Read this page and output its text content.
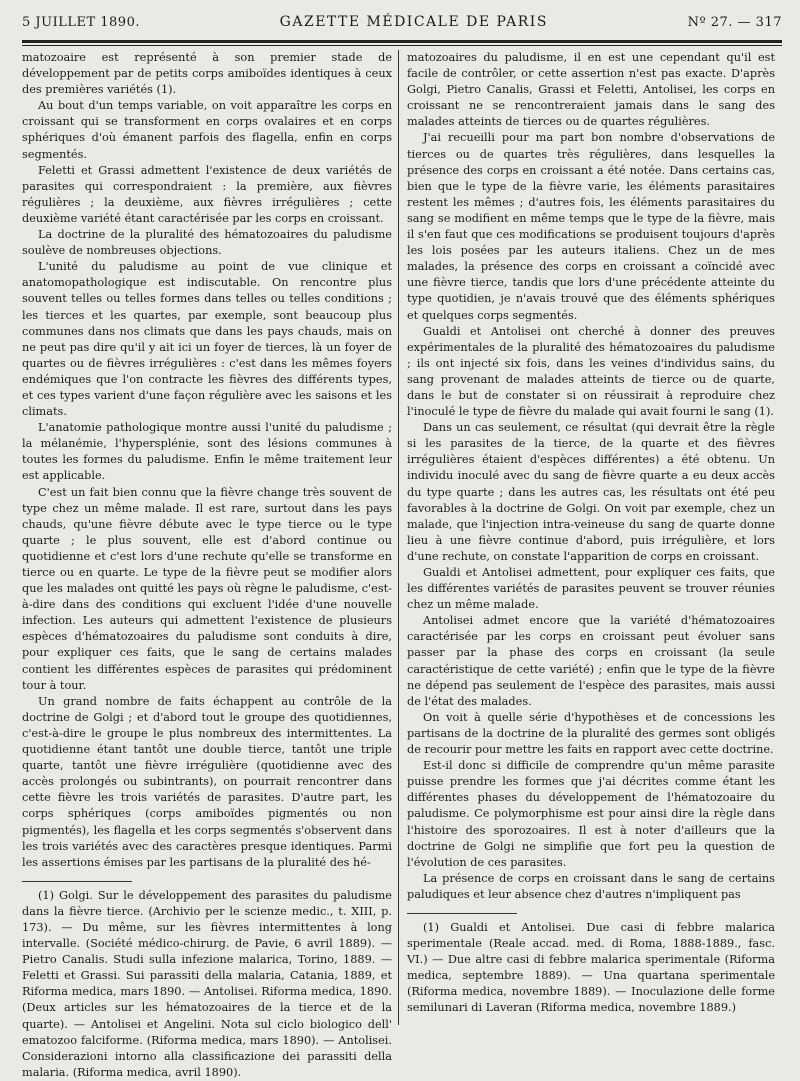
5 JUILLET 1890.	GAZETTE MÉDICALE DE PARIS	Nº 27. — 317

matozoaire est représenté à son premier stade de développement par de petits corps amiboïdes identiques à ceux des premières variétés (1).

Au bout d'un temps variable, on voit apparaître les corps en croissant qui se transforment en corps ovalaires et en corps sphériques d'où émanent parfois des flagella, enfin en corps segmentés.

Feletti et Grassi admettent l'existence de deux variétés de parasites qui correspondraient : la première, aux fièvres régulières ; la deuxième, aux fièvres irrégulières ; cette deuxième variété étant caractérisée par les corps en croissant.

La doctrine de la pluralité des hématozoaires du paludisme soulève de nombreuses objections.

L'unité du paludisme au point de vue clinique et anatomopathologique est indiscutable. On rencontre plus souvent telles ou telles formes dans telles ou telles conditions ; les tierces et les quartes, par exemple, sont beaucoup plus communes dans nos climats que dans les pays chauds, mais on ne peut pas dire qu'il y ait ici un foyer de tierces, là un foyer de quartes ou de fièvres irrégulières : c'est dans les mêmes foyers endémiques que l'on contracte les fièvres des différents types, et ces types varient d'une façon régulière avec les saisons et les climats.

L'anatomie pathologique montre aussi l'unité du paludisme ; la mélanémie, l'hypersplénie, sont des lésions communes à toutes les formes du paludisme. Enfin le même traitement leur est applicable.

C'est un fait bien connu que la fièvre change très souvent de type chez un même malade. Il est rare, surtout dans les pays chauds, qu'une fièvre débute avec le type tierce ou le type quarte ; le plus souvent, elle est d'abord continue ou quotidienne et c'est lors d'une rechute qu'elle se transforme en tierce ou en quarte. Le type de la fièvre peut se modifier alors que les malades ont quitté les pays où règne le paludisme, c'est-à-dire dans des conditions qui excluent l'idée d'une nouvelle infection. Les auteurs qui admettent l'existence de plusieurs espèces d'hématozoaires du paludisme sont conduits à dire, pour expliquer ces faits, que le sang de certains malades contient les différentes espèces de parasites qui prédominent tour à tour.

Un grand nombre de faits échappent au contrôle de la doctrine de Golgi ; et d'abord tout le groupe des quotidiennes, c'est-à-dire le groupe le plus nombreux des intermittentes. La quotidienne étant tantôt une double tierce, tantôt une triple quarte, tantôt une fièvre irrégulière (quotidienne avec des accès prolongés ou subintrants), on pourrait rencontrer dans cette fièvre les trois variétés de parasites. D'autre part, les corps sphériques (corps amiboïdes pigmentés ou non pigmentés), les flagella et les corps segmentés s'observent dans les trois variétés avec des caractères presque identiques. Parmi les assertions émises par les partisans de la pluralité des hé-

(1) Golgi. Sur le développement des parasites du paludisme dans la fièvre tierce. (Archivio per le scienze medic., t. XIII, p. 173). — Du même, sur les fièvres intermittentes à long intervalle. (Société médico-chirurg. de Pavie, 6 avril 1889). — Pietro Canalis. Studi sulla infezione malarica, Torino, 1889. — Feletti et Grassi. Sui parassiti della malaria, Catania, 1889, et Riforma medica, mars 1890. — Antolisei. Riforma medica, 1890. (Deux articles sur les hématozoaires de la tierce et de la quarte). — Antolisei et Angelini. Nota sul ciclo biologico dell' ematozoo falciforme. (Riforma medica, mars 1890). — Antolisei. Considerazioni intorno alla classificazione dei parassiti della malaria. (Riforma medica, avril 1890).

matozoaires du paludisme, il en est une cependant qu'il est facile de contrôler, or cette assertion n'est pas exacte. D'après Golgi, Pietro Canalis, Grassi et Feletti, Antolisei, les corps en croissant ne se rencontreraient jamais dans le sang des malades atteints de tierces ou de quartes régulières.

J'ai recueilli pour ma part bon nombre d'observations de tierces ou de quartes très régulières, dans lesquelles la présence des corps en croissant a été notée. Dans certains cas, bien que le type de la fièvre varie, les éléments parasitaires restent les mêmes ; d'autres fois, les éléments parasitaires du sang se modifient en même temps que le type de la fièvre, mais il s'en faut que ces modifications se produisent toujours d'après les lois posées par les auteurs italiens. Chez un de mes malades, la présence des corps en croissant a coïncidé avec une fièvre tierce, tandis que lors d'une précédente atteinte du type quotidien, je n'avais trouvé que des éléments sphériques et quelques corps segmentés.

Gualdi et Antolisei ont cherché à donner des preuves expérimentales de la pluralité des hématozoaires du paludisme ; ils ont injecté six fois, dans les veines d'individus sains, du sang provenant de malades atteints de tierce ou de quarte, dans le but de constater si on réussirait à reproduire chez l'inoculé le type de fièvre du malade qui avait fourni le sang (1).

Dans un cas seulement, ce résultat (qui devrait être la règle si les parasites de la tierce, de la quarte et des fièvres irrégulières étaient d'espèces différentes) a été obtenu. Un individu inoculé avec du sang de fièvre quarte a eu deux accès du type quarte ; dans les autres cas, les résultats ont été peu favorables à la doctrine de Golgi. On voit par exemple, chez un malade, que l'injection intra-veineuse du sang de quarte donne lieu à une fièvre continue d'abord, puis irrégulière, et lors d'une rechute, on constate l'apparition de corps en croissant.

Gualdi et Antolisei admettent, pour expliquer ces faits, que les différentes variétés de parasites peuvent se trouver réunies chez un même malade.

Antolisei admet encore que la variété d'hématozoaires caractérisée par les corps en croissant peut évoluer sans passer par la phase des corps en croissant (la seule caractéristique de cette variété) ; enfin que le type de la fièvre ne dépend pas seulement de l'espèce des parasites, mais aussi de l'état des malades.

On voit à quelle série d'hypothèses et de concessions les partisans de la doctrine de la pluralité des germes sont obligés de recourir pour mettre les faits en rapport avec cette doctrine.

Est-il donc si difficile de comprendre qu'un même parasite puisse prendre les formes que j'ai décrites comme étant les différentes phases du développement de l'hématozoaire du paludisme. Ce polymorphisme est pour ainsi dire la règle dans l'histoire des sporozoaires. Il est à noter d'ailleurs que la doctrine de Golgi ne simplifie que fort peu la question de l'évolution de ces parasites.

La présence de corps en croissant dans le sang de certains paludiques et leur absence chez d'autres n'impliquent pas

(1) Gualdi et Antolisei. Due casi di febbre malarica sperimentale (Reale accad. med. di Roma, 1888-1889., fasc. VI.) — Due altre casi di febbre malarica sperimentale (Riforma medica, septembre 1889). — Una quartana sperimentale (Riforma medica, novembre 1889). — Inoculazione delle forme semilunari di Laveran (Riforma medica, novembre 1889.)
